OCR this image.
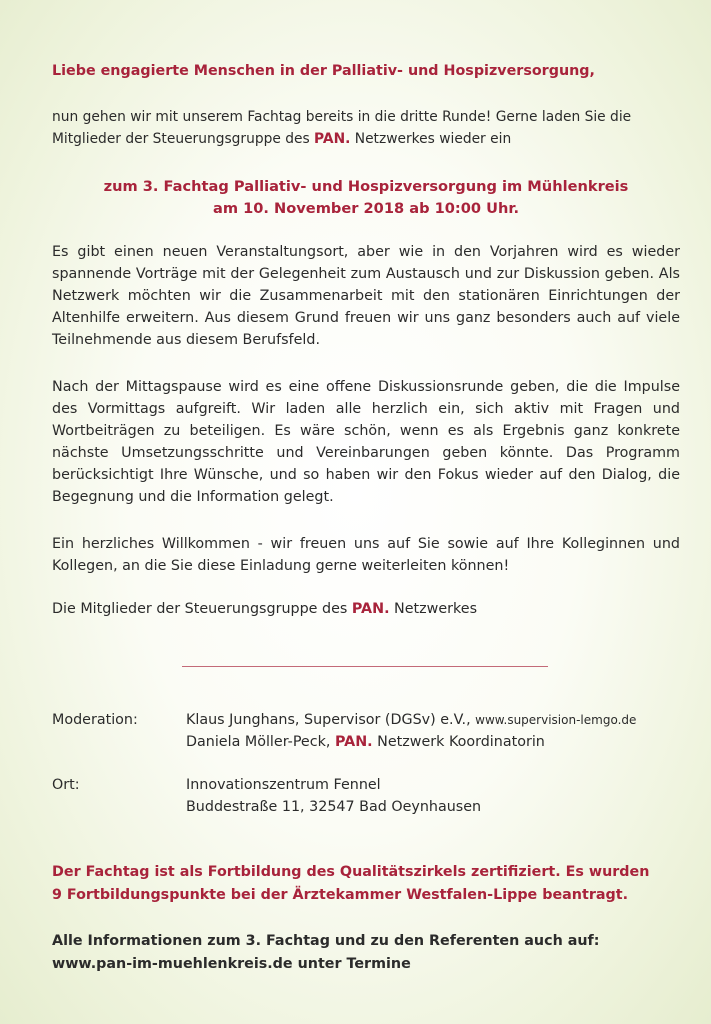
Liebe engagierte Menschen in der Palliativ- und Hospizversorgung,
nun gehen wir mit unserem Fachtag bereits in die dritte Runde! Gerne laden Sie die
Mitglieder der Steuerungsgruppe des PAN. Netzwerkes wieder ein
zum 3. Fachtag Palliativ- und Hospizversorgung im Mühlenkreis
am 10. November 2018 ab 10:00 Uhr.

Es gibt einen neuen Veranstaltungsort, aber wie in den Vorjahren wird es wieder spannende Vorträge mit der Gelegenheit zum Austausch und zur Diskussion geben. Als Netzwerk möchten wir die Zusammenarbeit mit den stationären Einrichtungen der Altenhilfe erweitern. Aus diesem Grund freuen wir uns ganz besonders auch auf viele Teilnehmende aus diesem Berufsfeld.

Nach der Mittagspause wird es eine offene Diskussionsrunde geben, die die Impulse des Vormittags aufgreift. Wir laden alle herzlich ein, sich aktiv mit Fragen und Wortbeiträgen zu beteiligen. Es wäre schön, wenn es als Ergebnis ganz konkrete nächste Umsetzungsschritte und Vereinbarungen geben könnte. Das Programm berücksichtigt Ihre Wünsche, und so haben wir den Fokus wieder auf den Dialog, die Begegnung und die Information gelegt.

Ein herzliches Willkommen - wir freuen uns auf Sie sowie auf Ihre Kolleginnen und Kollegen, an die Sie diese Einladung gerne weiterleiten können!

Die Mitglieder der Steuerungsgruppe des PAN. Netzwerkes

Moderation:	Klaus Junghans, Supervisor (DGSv) e.V., www.supervision-lemgo.de
Daniela Möller-Peck, PAN. Netzwerk Koordinatorin
Ort:	Innovationszentrum Fennel
Buddestraße 11, 32547 Bad Oeynhausen
Der Fachtag ist als Fortbildung des Qualitätszirkels zertifiziert. Es wurden
9 Fortbildungspunkte bei der Ärztekammer Westfalen-Lippe beantragt.
Alle Informationen zum 3. Fachtag und zu den Referenten auch auf:
www.pan-im-muehlenkreis.de unter Termine
